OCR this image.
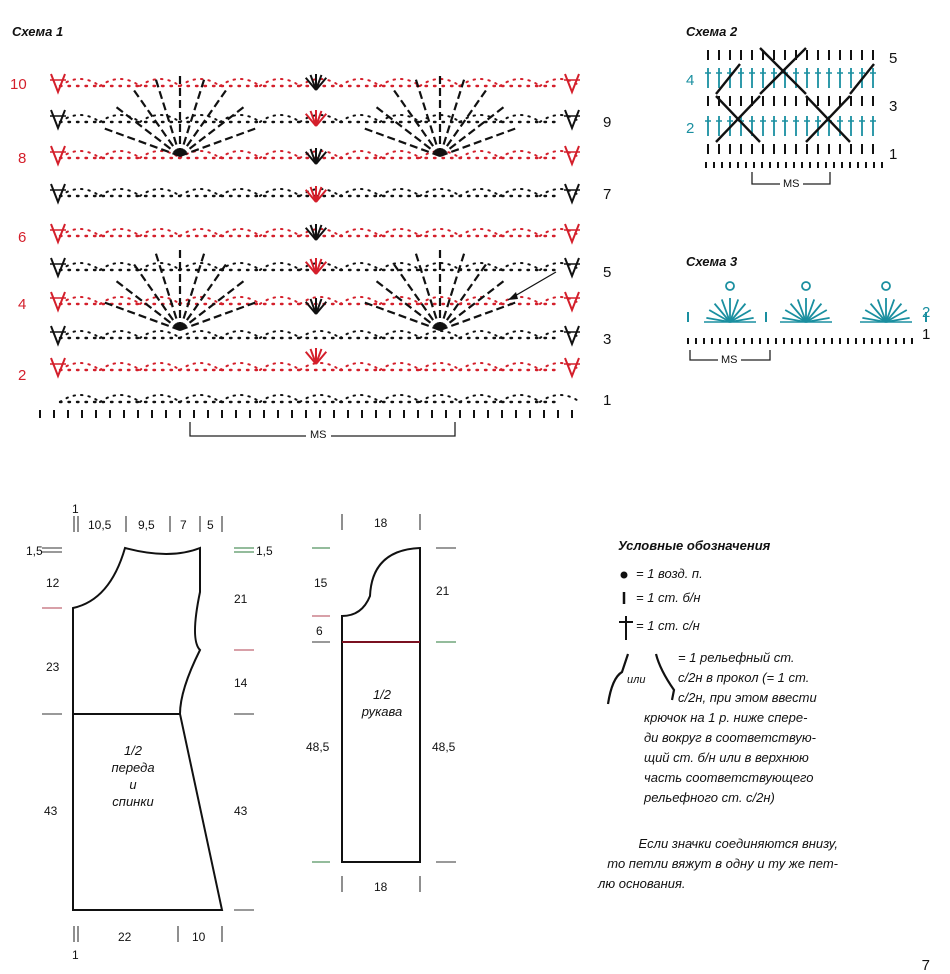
Схема 1
10
8
6
4
2
9
7
5
3
1
MS
Схема 2
4
2
5
3
1
MS
Схема 3
2
1
MS
1
10,5 9,5 7 5
1,5
12
23
43
1,5
21
14
43
22	10
1
1/2
переда
и
спинки
18
15
6
48,5
21
48,5
18
1/2
рукава
Условные обозначения
= 1 возд. п.
= 1 ст. б/н
= 1 ст. с/н
или
= 1 рельефный ст.
с/2н в прокол (= 1 ст.
с/2н, при этом ввести
крючок на 1 р. ниже спере-
ди вокруг в соответствую-
щий ст. б/н или в верхнюю
часть соответствующего
рельефного ст. с/2н)
Если значки соединяются внизу,
то петли вяжут в одну и ту же пет-
лю основания.
7
